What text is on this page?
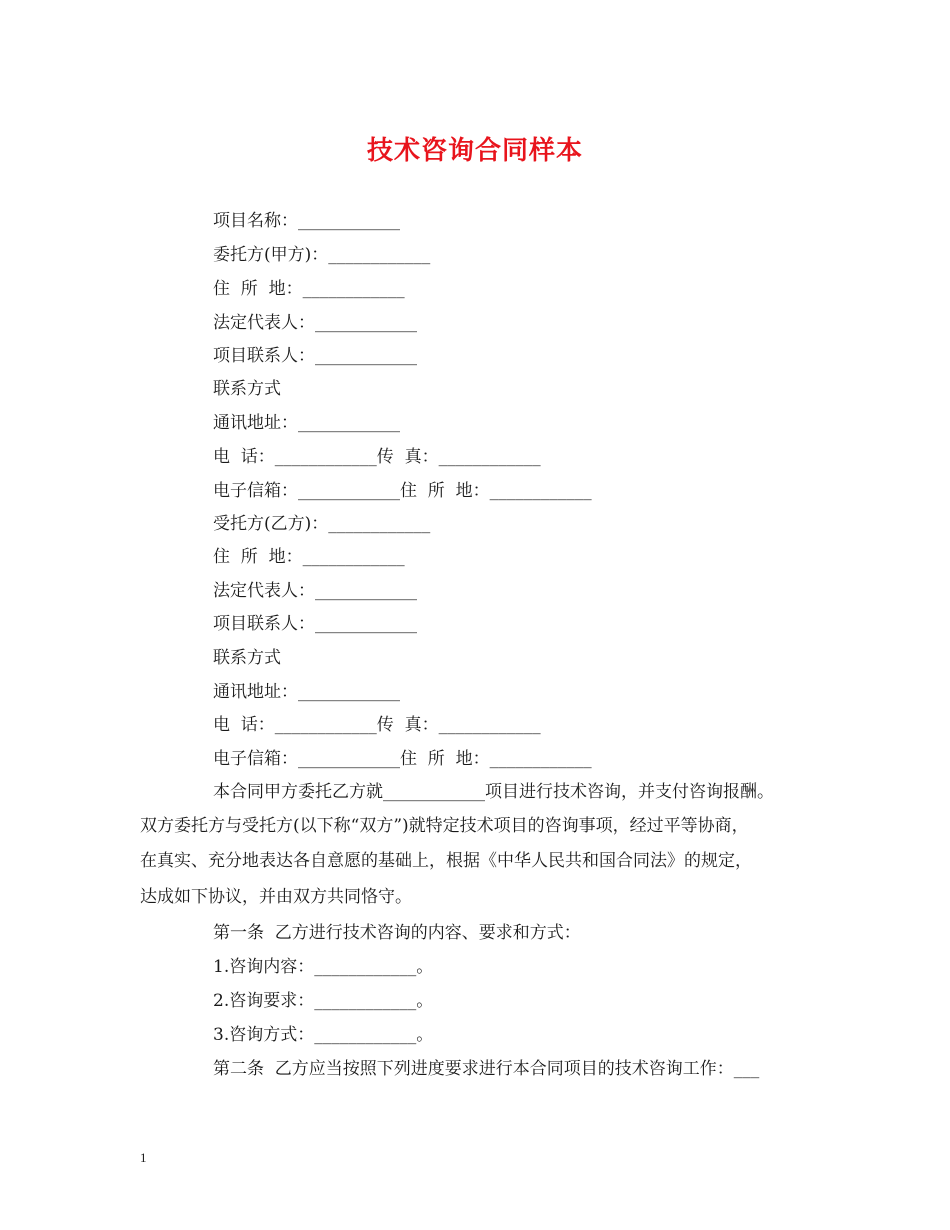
技术咨询合同样本
项目名称：____________
委托方(甲方)：____________
住  所  地：____________
法定代表人：____________
项目联系人：____________
联系方式
通讯地址：____________
电  话：____________传  真：____________
电子信箱：____________住  所  地：____________
受托方(乙方)：____________
住  所  地：____________
法定代表人：____________
项目联系人：____________
联系方式
通讯地址：____________
电  话：____________传  真：____________
电子信箱：____________住  所  地：____________
本合同甲方委托乙方就____________项目进行技术咨询，并支付咨询报酬。
双方委托方与受托方(以下称“双方”)就特定技术项目的咨询事项，经过平等协商，
在真实、充分地表达各自意愿的基础上，根据《中华人民共和国合同法》的规定，
达成如下协议，并由双方共同恪守。
第一条  乙方进行技术咨询的内容、要求和方式：
1.咨询内容：____________。
2.咨询要求：____________。
3.咨询方式：____________。
第二条  乙方应当按照下列进度要求进行本合同项目的技术咨询工作：___
1
